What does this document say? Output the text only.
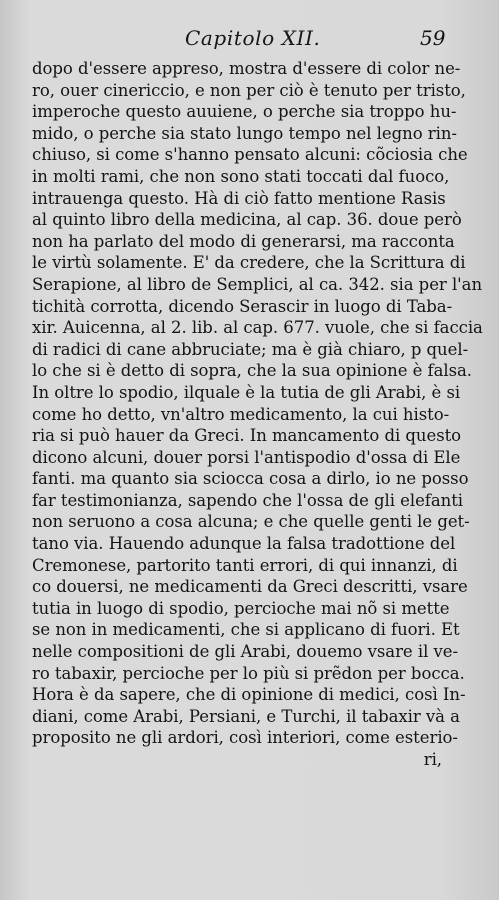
Capitolo XII.	59
dopo d'essere appreso, mostra d'essere di color ne-
ro, ouer cinericcio, e non per ciò è tenuto per tristo,
imperoche questo auuiene, o perche sia troppo hu-
mido, o perche sia stato lungo tempo nel legno rin-
chiuso, si come s'hanno pensato alcuni: cõciosia che
in molti rami, che non sono stati toccati dal fuoco,
intrauenga questo. Hà di ciò fatto mentione Rasis
al quinto libro della medicina, al cap. 36. doue però
non ha parlato del modo di generarsi, ma racconta
le virtù solamente. E' da credere, che la Scrittura di
Serapione, al libro de Semplici, al ca. 342. sia per l'an
tichità corrotta, dicendo Serascir in luogo di Taba-
xir. Auicenna, al 2. lib. al cap. 677. vuole, che si faccia
di radici di cane abbruciate; ma è già chiaro, p quel-
lo che si è detto di sopra, che la sua opinione è falsa.
In oltre lo spodio, ilquale è la tutia de gli Arabi, è si
come ho detto, vn'altro medicamento, la cui histo-
ria si può hauer da Greci. In mancamento di questo
dicono alcuni, douer porsi l'antispodio d'ossa di Ele
fanti. ma quanto sia sciocca cosa a dirlo, io ne posso
far testimonianza, sapendo che l'ossa de gli elefanti
non seruono a cosa alcuna; e che quelle genti le get-
tano via. Hauendo adunque la falsa tradottione del
Cremonese, partorito tanti errori, di qui innanzi, di
co douersi, ne medicamenti da Greci descritti, vsare
tutia in luogo di spodio, percioche mai nõ si mette
se non in medicamenti, che si applicano di fuori. Et
nelle compositioni de gli Arabi, douemo vsare il ve-
ro tabaxir, percioche per lo più si prẽdon per bocca.
Hora è da sapere, che di opinione di medici, così In-
diani, come Arabi, Persiani, e Turchi, il tabaxir và a
proposito ne gli ardori, così interiori, come esterio-
ri,
